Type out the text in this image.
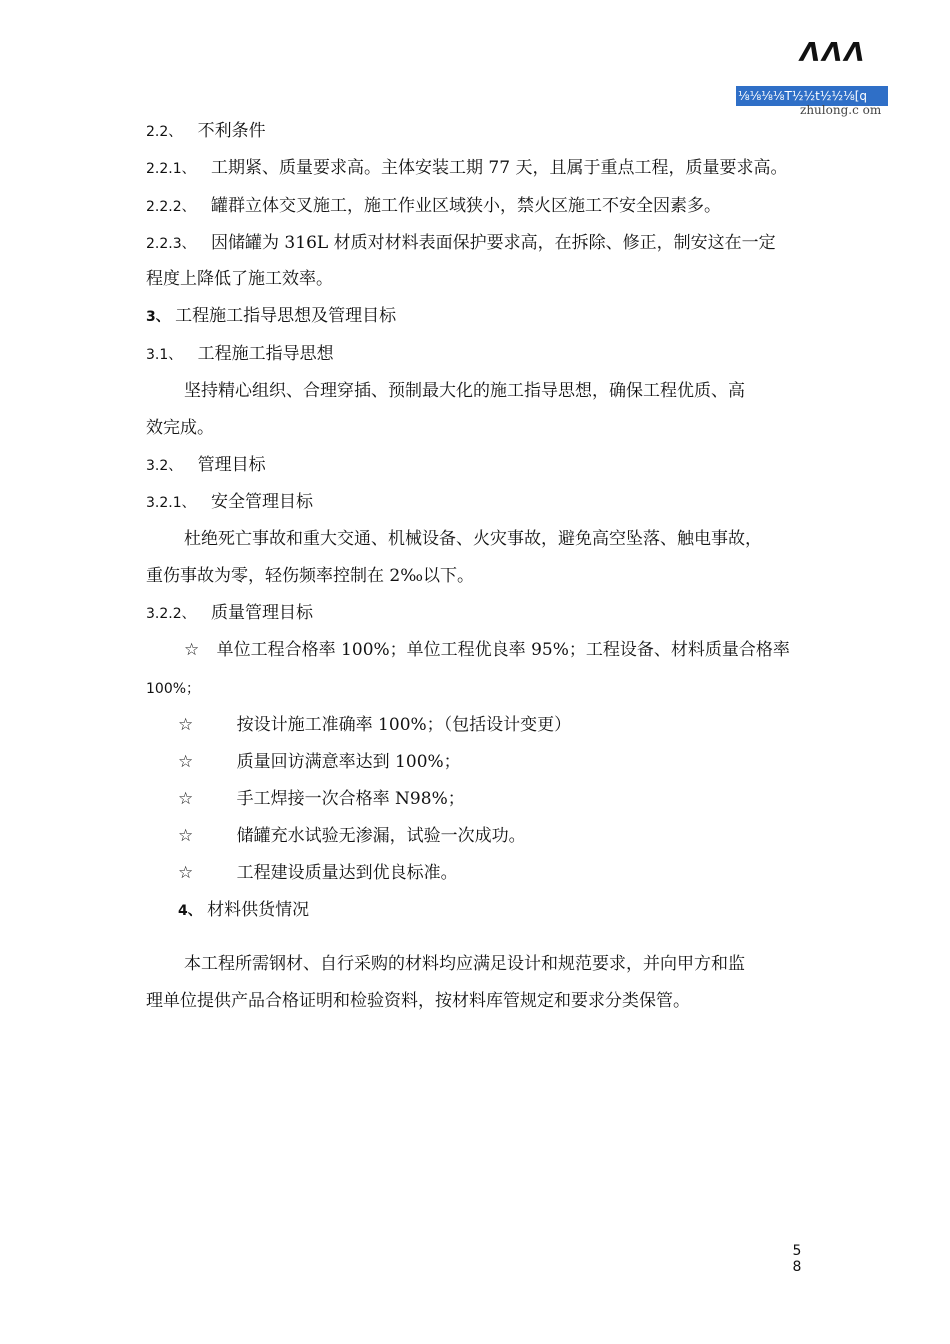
ΛΛΛ
⅛⅛⅛⅛T½½t½½⅛[q
zhulong.c om
2.2、 不利条件
2.2.1、 工期紧、质量要求高。主体安装工期 77 天，且属于重点工程，质量要求高。
2.2.2、 罐群立体交叉施工，施工作业区域狭小，禁火区施工不安全因素多。
2.2.3、 因储罐为 316L 材质对材料表面保护要求高，在拆除、修正，制安这在一定
程度上降低了施工效率。
3、 工程施工指导思想及管理目标
3.1、 工程施工指导思想
坚持精心组织、合理穿插、预制最大化的施工指导思想，确保工程优质、高
效完成。
3.2、 管理目标
3.2.1、 安全管理目标
杜绝死亡事故和重大交通、机械设备、火灾事故，避免高空坠落、触电事故，
重伤事故为零，轻伤频率控制在 2‰以下。
3.2.2、 质量管理目标
☆ 单位工程合格率 100%；单位工程优良率 95%；工程设备、材料质量合格率
100%；
☆	按设计施工准确率 100%；（包括设计变更）
☆	质量回访满意率达到 100%；
☆	手工焊接一次合格率 N98%；
☆	储罐充水试验无渗漏，试验一次成功。
☆	工程建设质量达到优良标准。
4、 材料供货情况
本工程所需钢材、自行采购的材料均应满足设计和规范要求，并向甲方和监
理单位提供产品合格证明和检验资料，按材料库管规定和要求分类保管。
5 8
